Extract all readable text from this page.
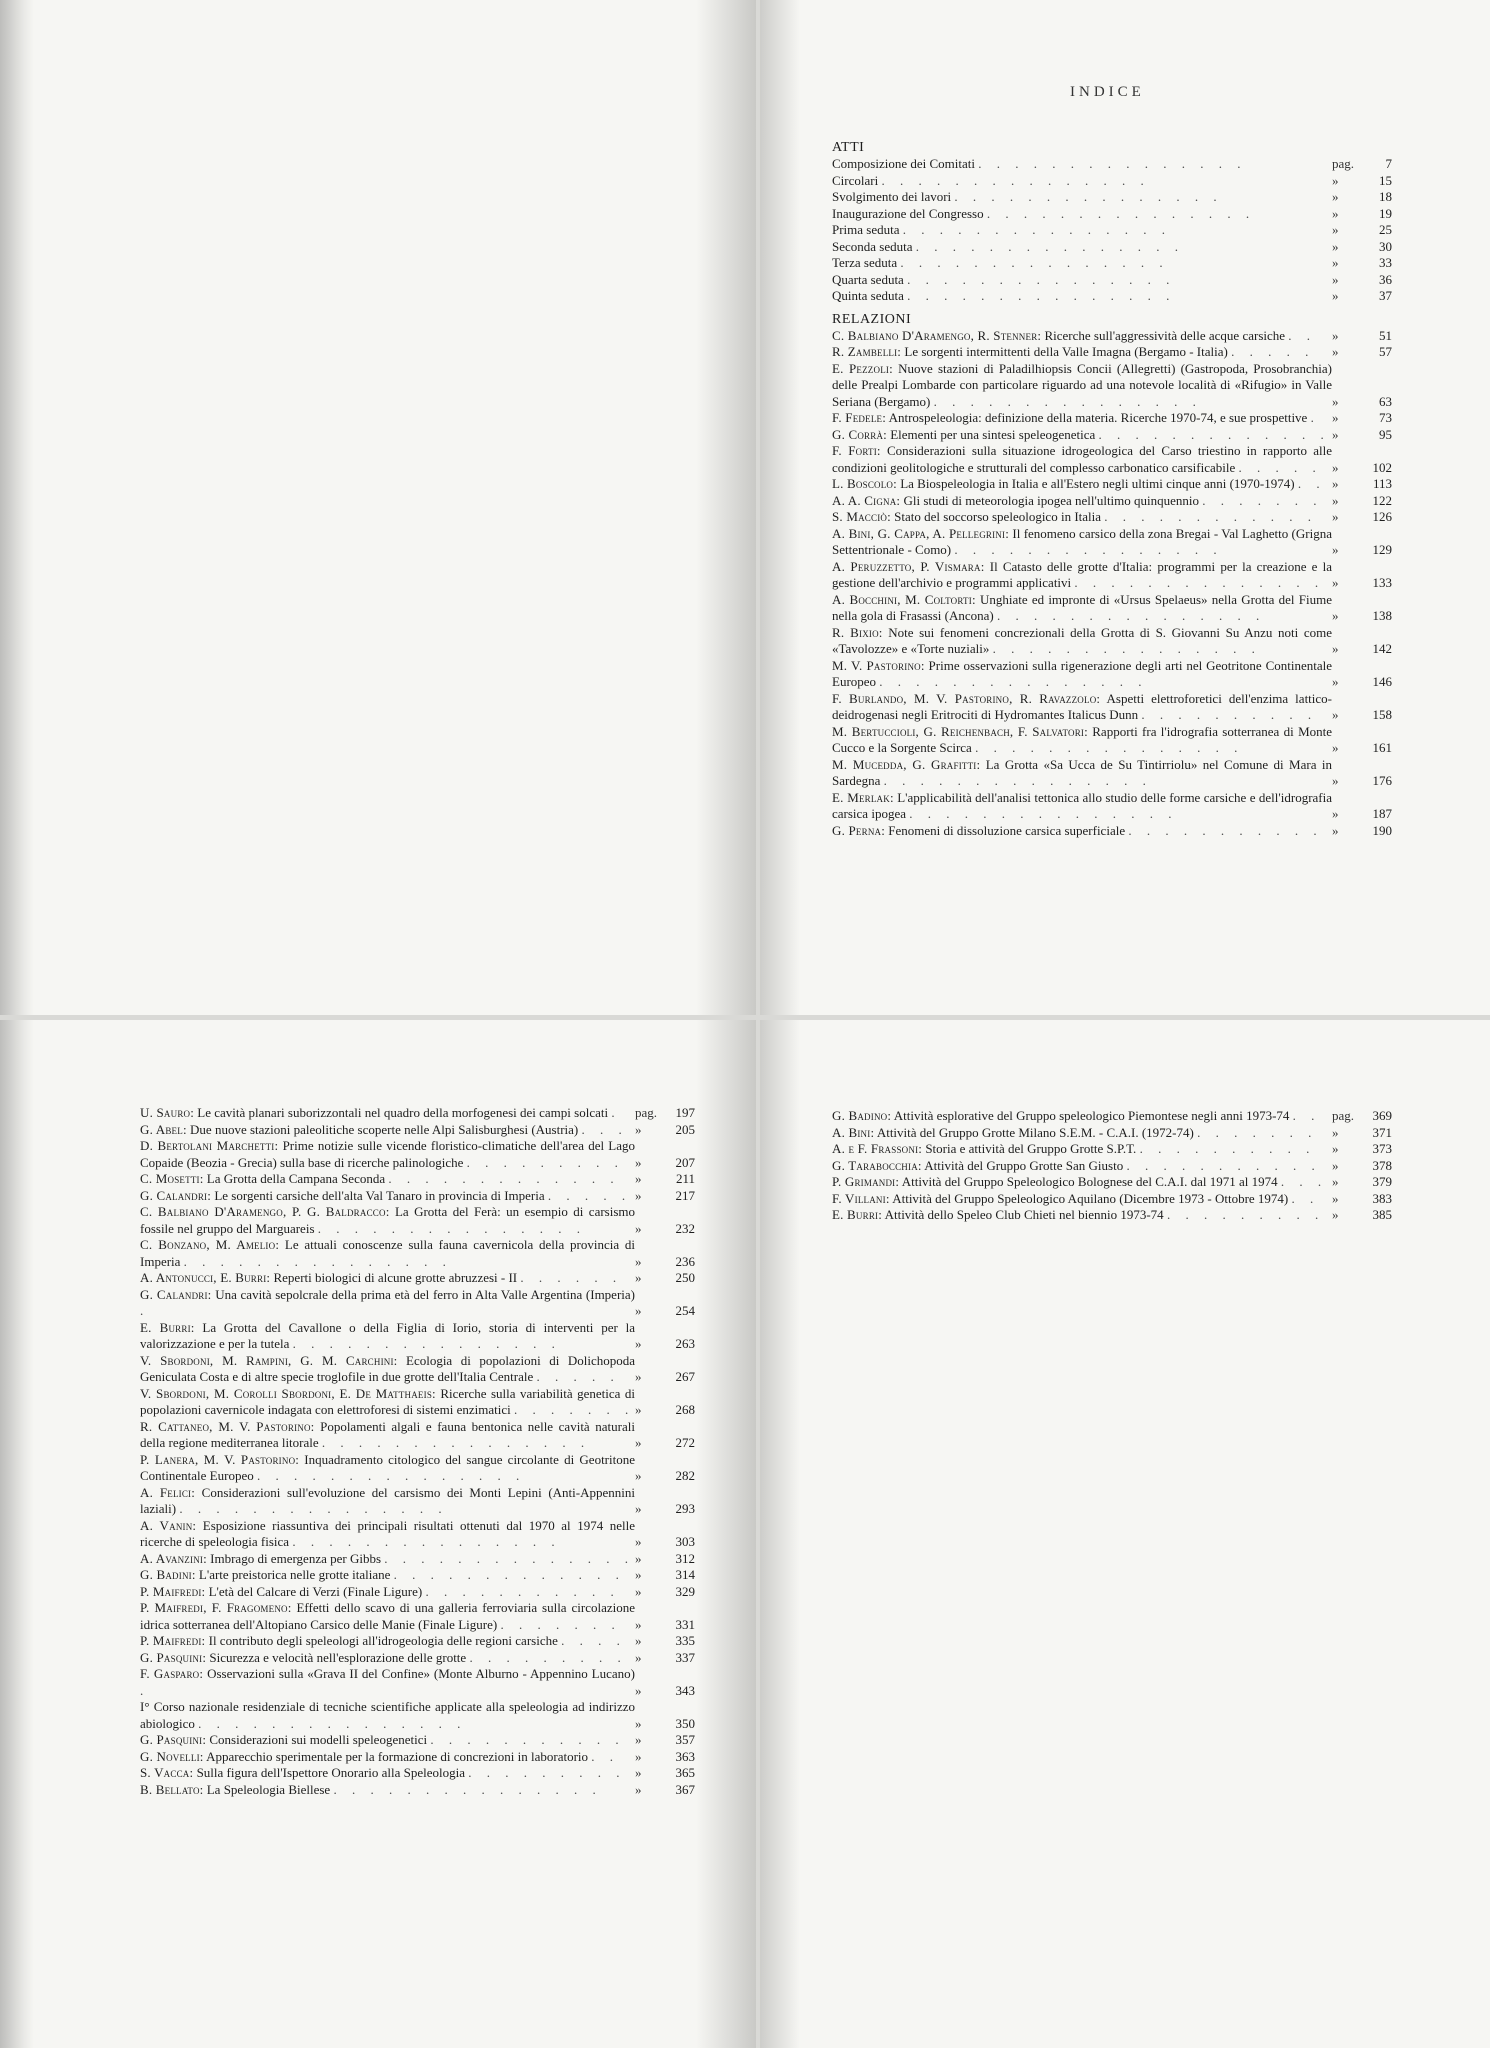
INDICE
ATTI
Composizione dei Comitati . . . . . . . . . . . . . . .	pag.	7
Circolari . . . . . . . . . . . . . . .	»	15
Svolgimento dei lavori . . . . . . . . . . . . . . .	»	18
Inaugurazione del Congresso . . . . . . . . . . . . . . .	»	19
Prima seduta . . . . . . . . . . . . . . .	»	25
Seconda seduta . . . . . . . . . . . . . . .	»	30
Terza seduta . . . . . . . . . . . . . . .	»	33
Quarta seduta . . . . . . . . . . . . . . .	»	36
Quinta seduta . . . . . . . . . . . . . . .	»	37
RELAZIONI
C. Balbiano D'Aramengo, R. Stenner: Ricerche sull'aggressività delle acque carsiche . .	»	51
R. Zambelli: Le sorgenti intermittenti della Valle Imagna (Bergamo - Italia) . . . . .	»	57
E. Pezzoli: Nuove stazioni di Paladilhiopsis Concii (Allegretti) (Gastropoda, Prosobranchia) delle Prealpi Lombarde con particolare riguardo ad una notevole località di «Rifugio» in Valle Seriana (Bergamo) . . . . . . . . . . . . . . .	»	63
F. Fedele: Antrospeleologia: definizione della materia. Ricerche 1970-74, e sue prospettive . »	73
G. Corrà: Elementi per una sintesi speleogenetica . . . . . . . . . . . . . »	95
F. Forti: Considerazioni sulla situazione idrogeologica del Carso triestino in rapporto alle condizioni geolitologiche e strutturali del complesso carbonatico carsificabile . . . . . »	102
L. Boscolo: La Biospeleologia in Italia e all'Estero negli ultimi cinque anni (1970-1974) . . »	113
A. A. Cigna: Gli studi di meteorologia ipogea nell'ultimo quinquennio . . . . . . . »	122
S. Macciò: Stato del soccorso speleologico in Italia . . . . . . . . . . . .	»	126
A. Bini, G. Cappa, A. Pellegrini: Il fenomeno carsico della zona Bregai - Val Laghetto (Grigna Settentrionale - Como) . . . . . . . . . . . . . . .	»	129
A. Peruzzetto, P. Vismara: Il Catasto delle grotte d'Italia: programmi per la creazione e la gestione dell'archivio e programmi applicativi . . . . . . . . . . . . . . »	133
A. Bocchini, M. Coltorti: Unghiate ed impronte di «Ursus Spelaeus» nella Grotta del Fiume nella gola di Frasassi (Ancona) . . . . . . . . . . . . . . .	»	138
R. Bixio: Note sui fenomeni concrezionali della Grotta di S. Giovanni Su Anzu noti come «Tavolozze» e «Torte nuziali» . . . . . . . . . . . . . . .	»	142
M. V. Pastorino: Prime osservazioni sulla rigenerazione degli arti nel Geotritone Continentale Europeo . . . . . . . . . . . . . . .	»	146
F. Burlando, M. V. Pastorino, R. Ravazzolo: Aspetti elettroforetici dell'enzima lattico-deidrogenasi negli Eritrociti di Hydromantes Italicus Dunn . . . . . . . . . .	»	158
M. Bertuccioli, G. Reichenbach, F. Salvatori: Rapporti fra l'idrografia sotterranea di Monte Cucco e la Sorgente Scirca . . . . . . . . . . . . . . .	»	161
M. Mucedda, G. Grafitti: La Grotta «Sa Ucca de Su Tintirriolu» nel Comune di Mara in Sardegna . . . . . . . . . . . . . . .	»	176
E. Merlak: L'applicabilità dell'analisi tettonica allo studio delle forme carsiche e dell'idrografia carsica ipogea . . . . . . . . . . . . . . .	»	187
G. Perna: Fenomeni di dissoluzione carsica superficiale . . . . . . . . . . . »	190
U. Sauro: Le cavità planari suborizzontali nel quadro della morfogenesi dei campi solcati .	pag.	197
G. Abel: Due nuove stazioni paleolitiche scoperte nelle Alpi Salisburghesi (Austria) . . . »	205
D. Bertolani Marchetti: Prime notizie sulle vicende floristico-climatiche dell'area del Lago Copaide (Beozia - Grecia) sulla base di ricerche palinologiche . . . . . . . . . »	207
C. Mosetti: La Grotta della Campana Seconda . . . . . . . . . . . . .	»	211
G. Calandri: Le sorgenti carsiche dell'alta Val Tanaro in provincia di Imperia . . . . . »	217
C. Balbiano D'Aramengo, P. G. Baldracco: La Grotta del Ferà: un esempio di carsismo fossile nel gruppo del Marguareis . . . . . . . . . . . . . . .	»	232
C. Bonzano, M. Amelio: Le attuali conoscenze sulla fauna cavernicola della provincia di Imperia . . . . . . . . . . . . . . .	»	236
A. Antonucci, E. Burri: Reperti biologici di alcune grotte abruzzesi - II . . . . . . »	250
G. Calandri: Una cavità sepolcrale della prima età del ferro in Alta Valle Argentina (Imperia) .	»	254
E. Burri: La Grotta del Cavallone o della Figlia di Iorio, storia di interventi per la valorizzazione e per la tutela . . . . . . . . . . . . . . .	»	263
V. Sbordoni, M. Rampini, G. M. Carchini: Ecologia di popolazioni di Dolichopoda Geniculata Costa e di altre specie troglofile in due grotte dell'Italia Centrale . . . . .	»	267
V. Sbordoni, M. Corolli Sbordoni, E. De Matthaeis: Ricerche sulla variabilità genetica di popolazioni cavernicole indagata con elettroforesi di sistemi enzimatici . . . . . . . »	268
R. Cattaneo, M. V. Pastorino: Popolamenti algali e fauna bentonica nelle cavità naturali della regione mediterranea litorale . . . . . . . . . . . . . . .	»	272
P. Lanera, M. V. Pastorino: Inquadramento citologico del sangue circolante di Geotritone Continentale Europeo . . . . . . . . . . . . . . .	»	282
A. Felici: Considerazioni sull'evoluzione del carsismo dei Monti Lepini (Anti-Appennini laziali) . . . . . . . . . . . . . . .	»	293
A. Vanin: Esposizione riassuntiva dei principali risultati ottenuti dal 1970 al 1974 nelle ricerche di speleologia fisica . . . . . . . . . . . . . . .	»	303
A. Avanzini: Imbrago di emergenza per Gibbs . . . . . . . . . . . . . . »	312
G. Badini: L'arte preistorica nelle grotte italiane . . . . . . . . . . . . . »	314
P. Maifredi: L'età del Calcare di Verzi (Finale Ligure) . . . . . . . . . . .	»	329
P. Maifredi, F. Fragomeno: Effetti dello scavo di una galleria ferroviaria sulla circolazione idrica sotterranea dell'Altopiano Carsico delle Manie (Finale Ligure) . . . . . . .	»	331
P. Maifredi: Il contributo degli speleologi all'idrogeologia delle regioni carsiche . . . . »	335
G. Pasquini: Sicurezza e velocità nell'esplorazione delle grotte . . . . . . . . . »	337
F. Gasparo: Osservazioni sulla «Grava II del Confine» (Monte Alburno - Appennino Lucano) .	»	343
I° Corso nazionale residenziale di tecniche scientifiche applicate alla speleologia ad indirizzo abiologico . . . . . . . . . . . . . . .	»	350
G. Pasquini: Considerazioni sui modelli speleogenetici . . . . . . . . . . . »	357
G. Novelli: Apparecchio sperimentale per la formazione di concrezioni in laboratorio . .	»	363
S. Vacca: Sulla figura dell'Ispettore Onorario alla Speleologia . . . . . . . . . »	365
B. Bellato: La Speleologia Biellese . . . . . . . . . . . . . . .	»	367
G. Badino: Attività esplorative del Gruppo speleologico Piemontese negli anni 1973-74 . . pag.	369
A. Bini: Attività del Gruppo Grotte Milano S.E.M. - C.A.I. (1972-74) . . . . . . .	»	371
A. e F. Frassoni: Storia e attività del Gruppo Grotte S.P.T. . . . . . . . . . .	»	373
G. Tarabocchia: Attività del Gruppo Grotte San Giusto . . . . . . . . . . . »	378
P. Grimandi: Attività del Gruppo Speleologico Bolognese del C.A.I. dal 1971 al 1974 . . . »	379
F. Villani: Attività del Gruppo Speleologico Aquilano (Dicembre 1973 - Ottobre 1974) . . »	383
E. Burri: Attività dello Speleo Club Chieti nel biennio 1973-74 . . . . . . . . . »	385
